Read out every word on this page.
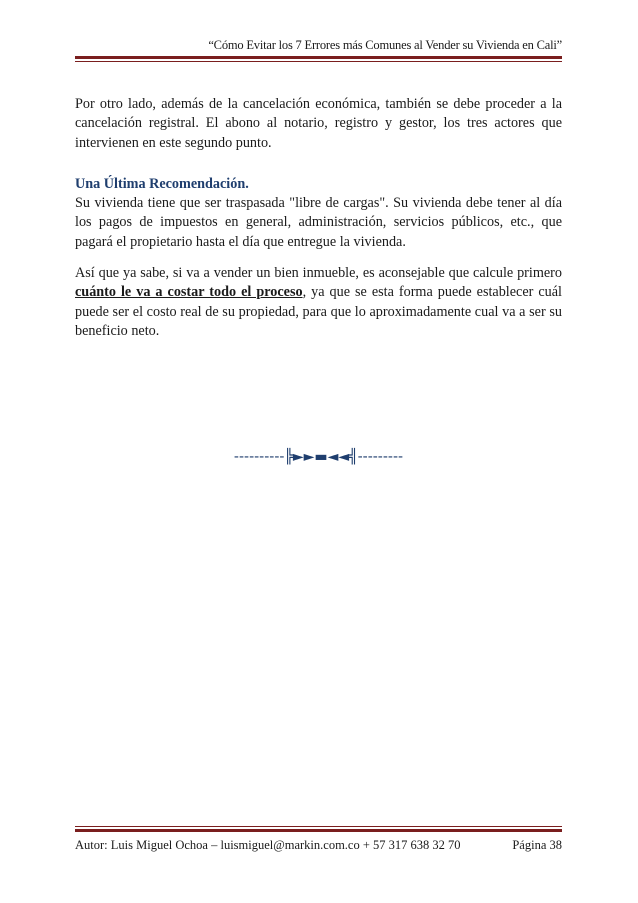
“Cómo Evitar los 7 Errores más Comunes al Vender su Vivienda en Cali”

Por otro lado, además de la cancelación económica, también se debe proceder a la cancelación registral. El abono al notario, registro y gestor, los tres actores que intervienen en este segundo punto.

Una Última Recomendación.

Su vivienda tiene que ser traspasada "libre de cargas". Su vivienda debe tener al día los pagos de impuestos en general, administración, servicios públicos, etc., que pagará el propietario hasta el día que entregue la vivienda.

Así que ya sabe, si va a vender un bien inmueble, es aconsejable que calcule primero cuánto le va a costar todo el proceso, ya que se esta forma puede establecer cuál puede ser el costo real de su propiedad, para que lo aproximadamente cual va a ser su beneficio neto.

----------╠►►▬◄◄╣---------
Autor: Luis Miguel Ochoa – luismiguel@markin.com.co + 57 317 638 32 70	Página 38
